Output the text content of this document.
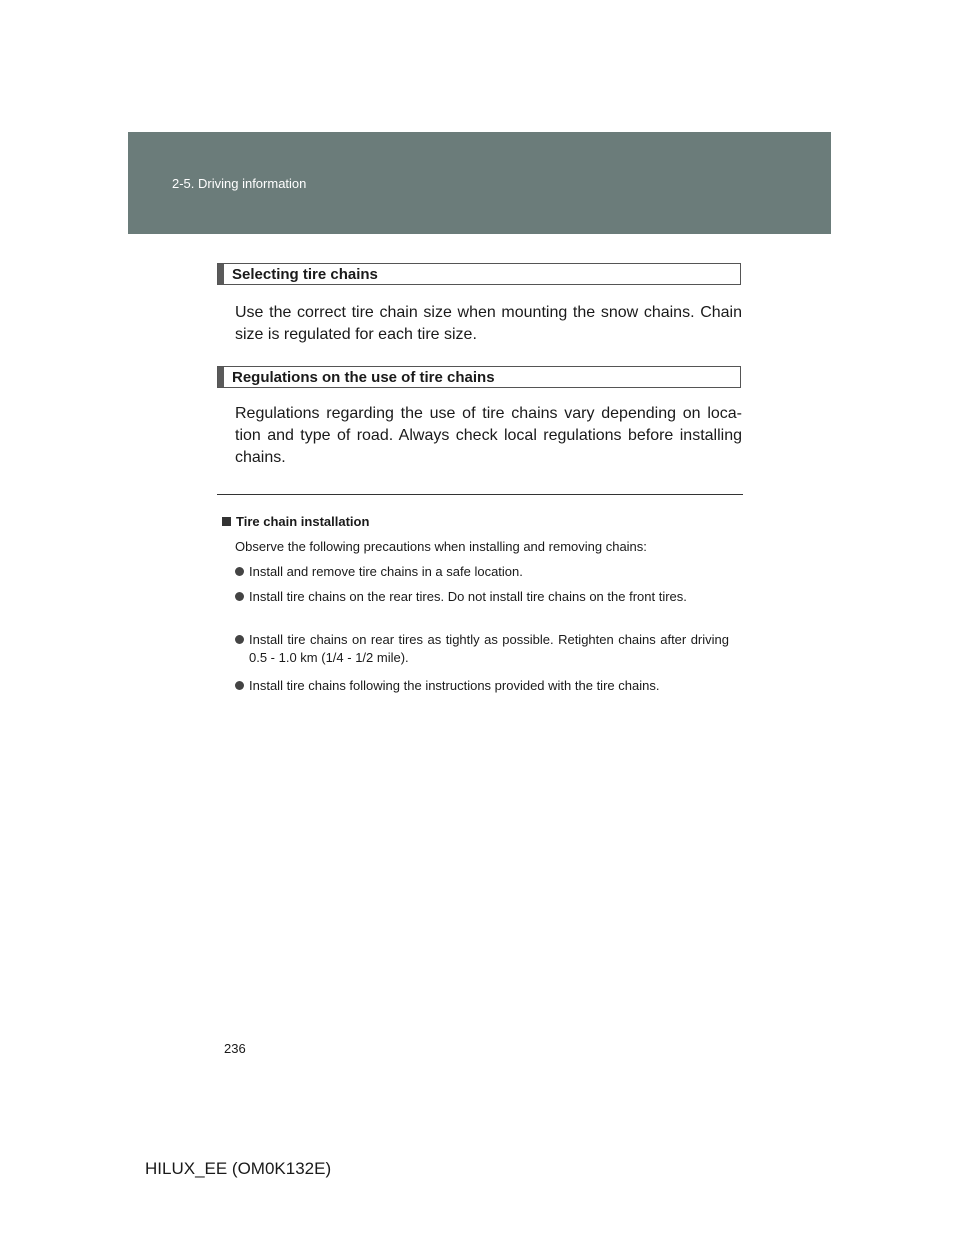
2-5. Driving information
Selecting tire chains
Use the correct tire chain size when mounting the snow chains. Chain size is regulated for each tire size.
Regulations on the use of tire chains
Regulations regarding the use of tire chains vary depending on loca-tion and type of road. Always check local regulations before installing chains.
Tire chain installation
Observe the following precautions when installing and removing chains:
Install and remove tire chains in a safe location.
Install tire chains on the rear tires. Do not install tire chains on the front tires.
Install tire chains on rear tires as tightly as possible. Retighten chains after driving 0.5 - 1.0 km (1/4 - 1/2 mile).
Install tire chains following the instructions provided with the tire chains.
236
HILUX_EE (OM0K132E)
